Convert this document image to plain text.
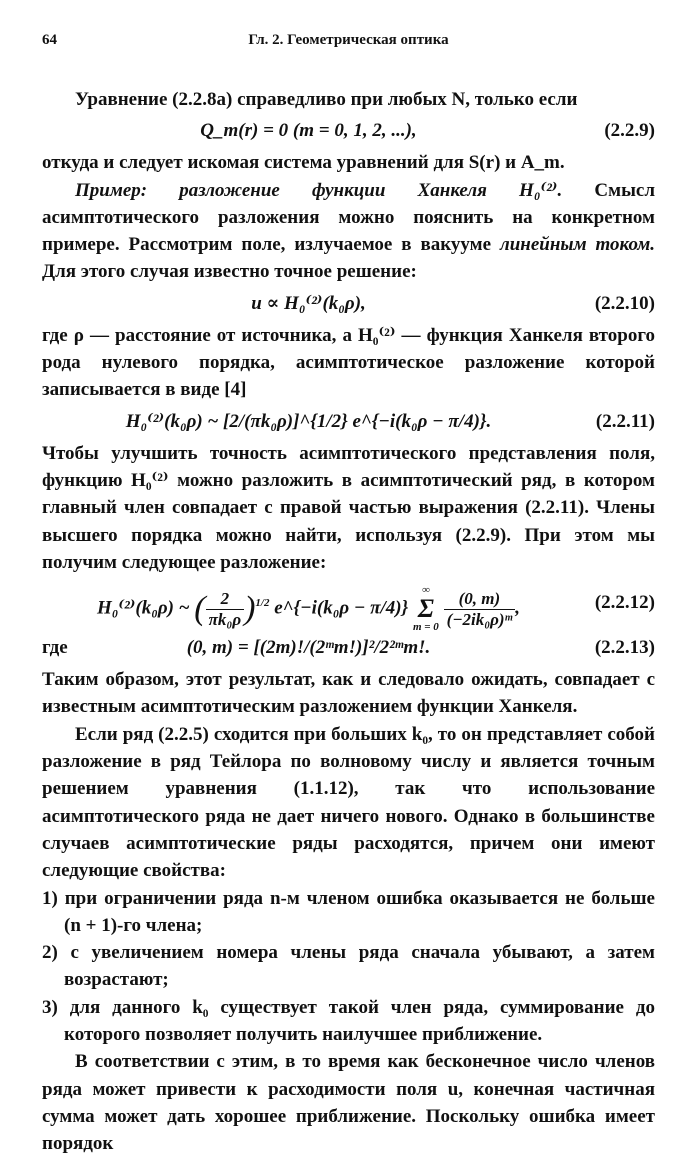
64	Гл. 2. Геометрическая оптика

Уравнение (2.2.8а) справедливо при любых N, только если

Q_m(r) = 0 (m = 0, 1, 2, ...),	(2.2.9)

откуда и следует искомая система уравнений для S(r) и A_m.

Пример: разложение функции Ханкеля H₀⁽²⁾. Смысл асимптотического разложения можно пояснить на конкретном примере. Рассмотрим поле, излучаемое в вакууме линейным током. Для этого случая известно точное решение:

u ∝ H₀⁽²⁾(k₀ρ),	(2.2.10)

где ρ — расстояние от источника, а H₀⁽²⁾ — функция Ханкеля второго рода нулевого порядка, асимптотическое разложение которой записывается в виде [4]

H₀⁽²⁾(k₀ρ) ~ [2/(πk₀ρ)]^{1/2} e^{−i(k₀ρ − π/4)}.	(2.2.11)

Чтобы улучшить точность асимптотического представления поля, функцию H₀⁽²⁾ можно разложить в асимптотический ряд, в котором главный член совпадает с правой частью выражения (2.2.11). Члены высшего порядка можно найти, используя (2.2.9). При этом мы получим следующее разложение:

H₀⁽²⁾(k₀ρ) ~ ( $\frac{2}{\text{πk₀ρ}} )^{1/2}$ e^{−i(k₀ρ − π/4)} ∞
Σ
$m = 0 \frac{(0, m)}{\text{(−2ik₀ρ)ᵐ}}$ ,	(2.2.12)
где	(0, m) = [(2m)!/(2ᵐm!)]²/2²ᵐm!.	(2.2.13)

Таким образом, этот результат, как и следовало ожидать, совпадает с известным асимптотическим разложением функции Ханкеля.

Если ряд (2.2.5) сходится при больших k₀, то он представляет собой разложение в ряд Тейлора по волновому числу и является точным решением уравнения (1.1.12), так что использование асимптотического ряда не дает ничего нового. Однако в большинстве случаев асимптотические ряды расходятся, причем они имеют следующие свойства:

1) при ограничении ряда n-м членом ошибка оказывается не больше (n + 1)-го члена;

2) с увеличением номера члены ряда сначала убывают, а затем возрастают;

3) для данного k₀ существует такой член ряда, суммирование до которого позволяет получить наилучшее приближение.

В соответствии с этим, в то время как бесконечное число членов ряда может привести к расходимости поля u, конечная частичная сумма может дать хорошее приближение. Поскольку ошибка имеет порядок
